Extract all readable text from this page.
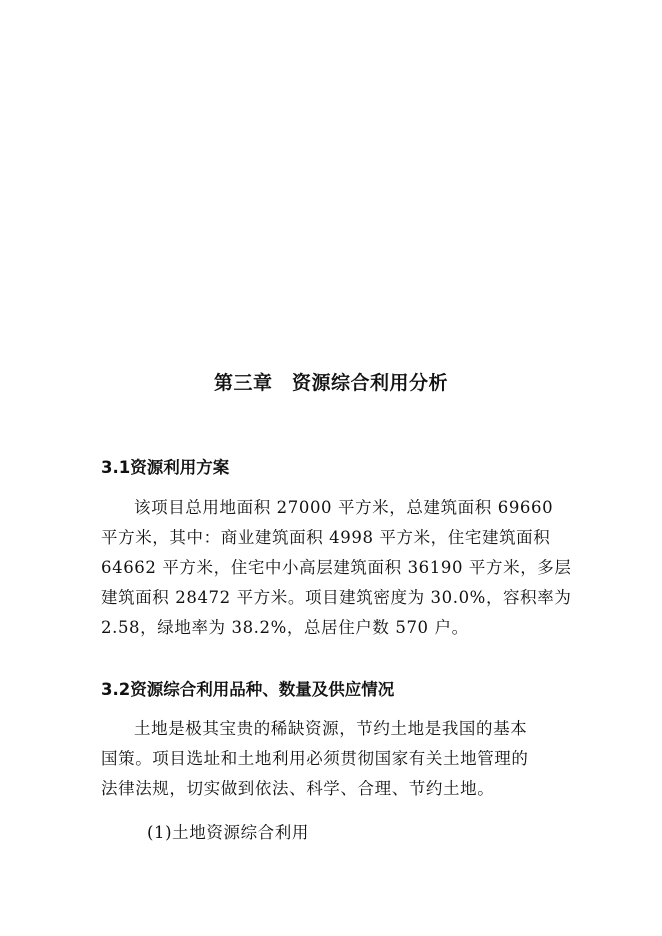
第三章　资源综合利用分析
3.1资源利用方案
该项目总用地面积 27000 平方米，总建筑面积 69660
平方米，其中：商业建筑面积 4998 平方米，住宅建筑面积
64662 平方米，住宅中小高层建筑面积 36190 平方米，多层
建筑面积 28472 平方米。项目建筑密度为 30.0%，容积率为
2.58，绿地率为 38.2%，总居住户数 570 户。
3.2资源综合利用品种、数量及供应情况
土地是极其宝贵的稀缺资源，节约土地是我国的基本
国策。项目选址和土地利用必须贯彻国家有关土地管理的
法律法规，切实做到依法、科学、合理、节约土地。
(1)土地资源综合利用
